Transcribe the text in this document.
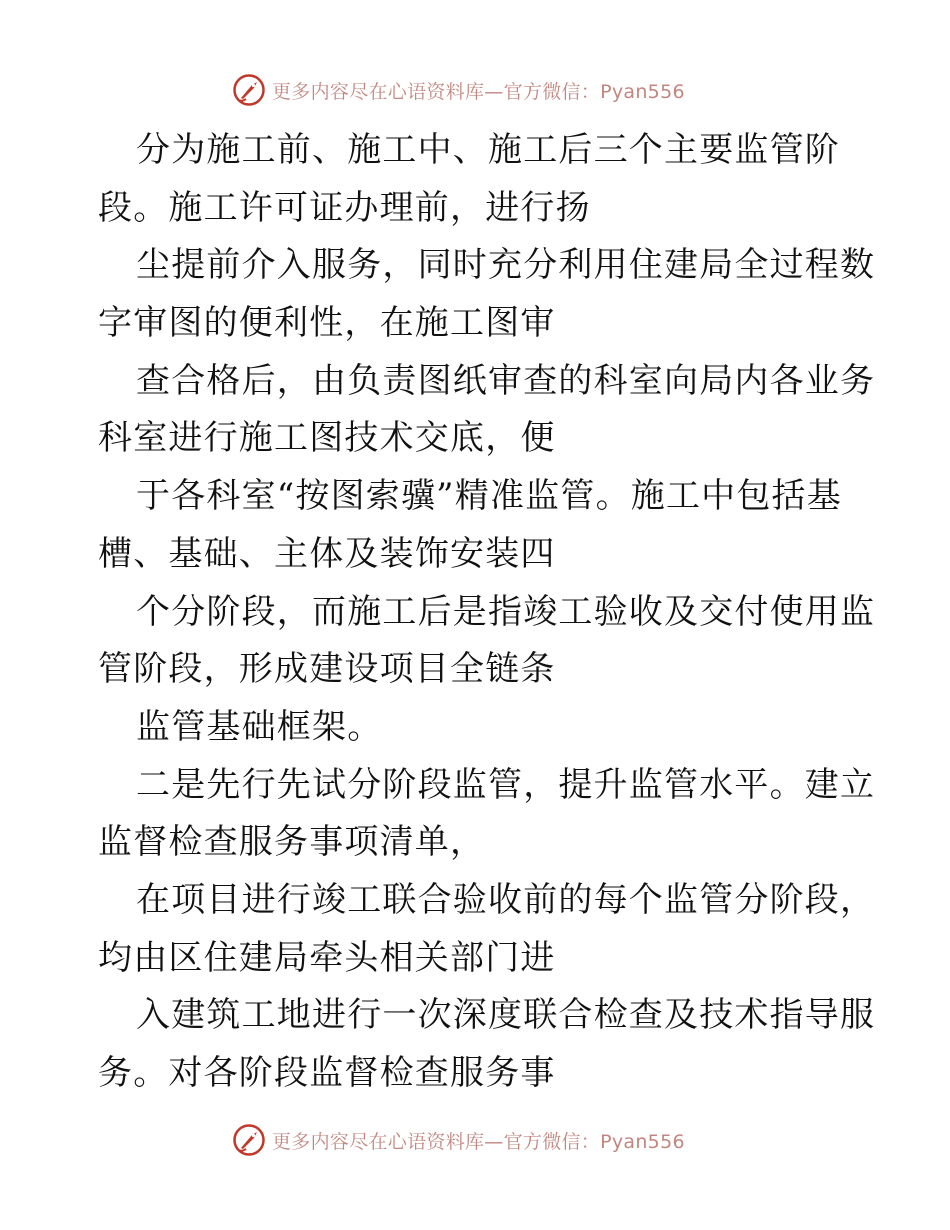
更多内容尽在心语资料库—官方微信：Pyan556
分为施工前、施工中、施工后三个主要监管阶
段。施工许可证办理前，进行扬
尘提前介入服务，同时充分利用住建局全过程数
字审图的便利性，在施工图审
查合格后，由负责图纸审查的科室向局内各业务
科室进行施工图技术交底，便
于各科室“按图索骥”精准监管。施工中包括基
槽、基础、主体及装饰安装四
个分阶段，而施工后是指竣工验收及交付使用监
管阶段，形成建设项目全链条
监管基础框架。
二是先行先试分阶段监管，提升监管水平。建立
监督检查服务事项清单，
在项目进行竣工联合验收前的每个监管分阶段，
均由区住建局牵头相关部门进
入建筑工地进行一次深度联合检查及技术指导服
务。对各阶段监督检查服务事
更多内容尽在心语资料库—官方微信：Pyan556
